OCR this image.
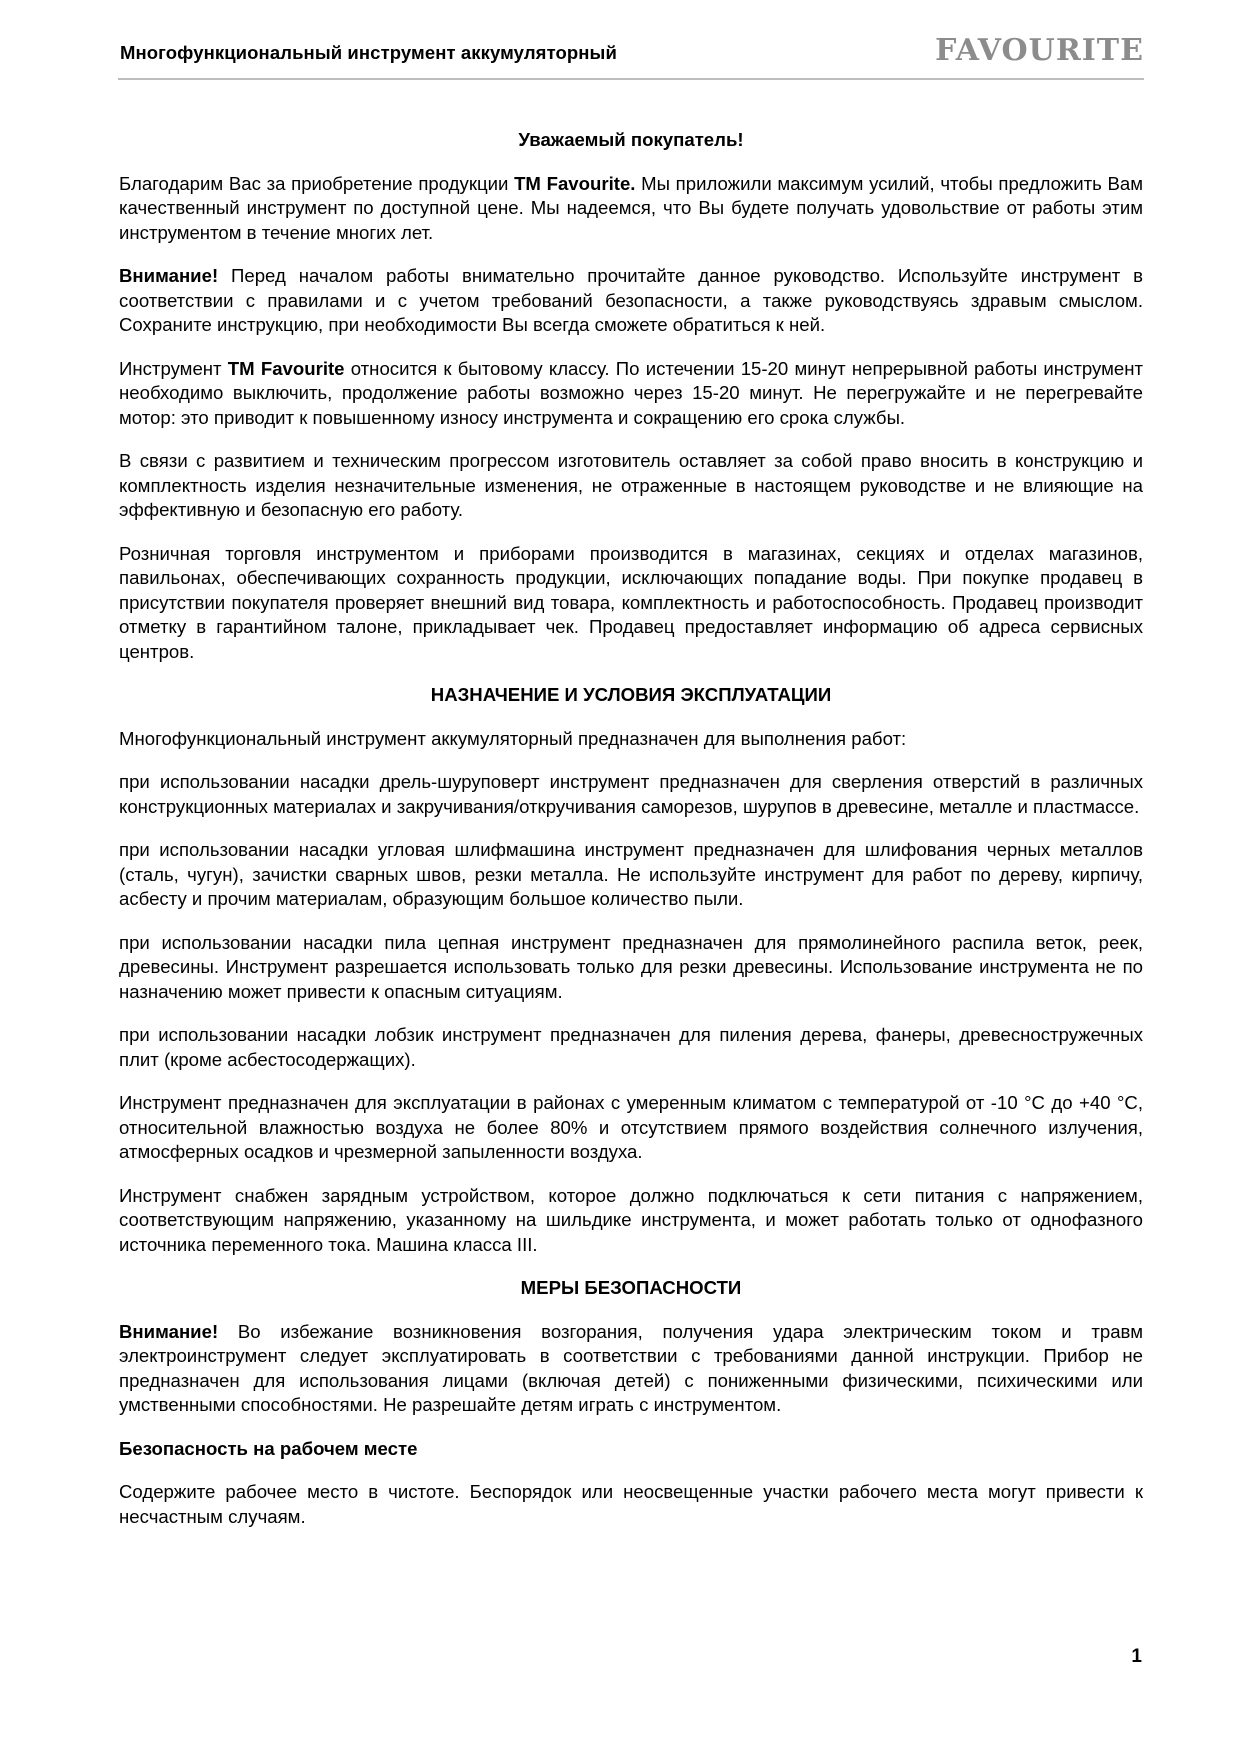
Многофункциональный инструмент аккумуляторный	FAVOURITE
Уважаемый покупатель!

Благодарим Вас за приобретение продукции ТМ Favourite. Мы приложили максимум усилий, чтобы предложить Вам качественный инструмент по доступной цене. Мы надеемся, что Вы будете получать удовольствие от работы этим инструментом в течение многих лет.

Внимание! Перед началом работы внимательно прочитайте данное руководство. Используйте инструмент в соответствии с правилами и с учетом требований безопасности, а также руководствуясь здравым смыслом. Сохраните инструкцию, при необходимости Вы всегда сможете обратиться к ней.

Инструмент ТМ Favourite относится к бытовому классу. По истечении 15-20 минут непрерывной работы инструмент необходимо выключить, продолжение работы возможно через 15-20 минут. Не перегружайте и не перегревайте мотор: это приводит к повышенному износу инструмента и сокращению его срока службы.

В связи с развитием и техническим прогрессом изготовитель оставляет за собой право вносить в конструкцию и комплектность изделия незначительные изменения, не отраженные в настоящем руководстве и не влияющие на эффективную и безопасную его работу.

Розничная торговля инструментом и приборами производится в магазинах, секциях и отделах магазинов, павильонах, обеспечивающих сохранность продукции, исключающих попадание воды. При покупке продавец в присутствии покупателя проверяет внешний вид товара, комплектность и работоспособность. Продавец производит отметку в гарантийном талоне, прикладывает чек. Продавец предоставляет информацию об адреса сервисных центров.

НАЗНАЧЕНИЕ И УСЛОВИЯ ЭКСПЛУАТАЦИИ

Многофункциональный инструмент аккумуляторный предназначен для выполнения работ:

при использовании насадки дрель-шуруповерт инструмент предназначен для сверления отверстий в различных конструкционных материалах и закручивания/откручивания саморезов, шурупов в древесине, металле и пластмассе.

при использовании насадки угловая шлифмашина инструмент предназначен для шлифования черных металлов (сталь, чугун), зачистки сварных швов, резки металла. Не используйте инструмент для работ по дереву, кирпичу, асбесту и прочим материалам, образующим большое количество пыли.

при использовании насадки пила цепная инструмент предназначен для прямолинейного распила веток, реек, древесины. Инструмент разрешается использовать только для резки древесины. Использование инструмента не по назначению может привести к опасным ситуациям.

при использовании насадки лобзик инструмент предназначен для пиления дерева, фанеры, древесностружечных плит (кроме асбестосодержащих).

Инструмент предназначен для эксплуатации в районах с умеренным климатом с температурой от -10 °С до +40 °С, относительной влажностью воздуха не более 80% и отсутствием прямого воздействия солнечного излучения, атмосферных осадков и чрезмерной запыленности воздуха.

Инструмент снабжен зарядным устройством, которое должно подключаться к сети питания с напряжением, соответствующим напряжению, указанному на шильдике инструмента, и может работать только от однофазного источника переменного тока. Машина класса III.

МЕРЫ БЕЗОПАСНОСТИ

Внимание! Во избежание возникновения возгорания, получения удара электрическим током и травм электроинструмент следует эксплуатировать в соответствии с требованиями данной инструкции. Прибор не предназначен для использования лицами (включая детей) с пониженными физическими, психическими или умственными способностями. Не разрешайте детям играть с инструментом.

Безопасность на рабочем месте

Содержите рабочее место в чистоте. Беспорядок или неосвещенные участки рабочего места могут привести к несчастным случаям.

1
